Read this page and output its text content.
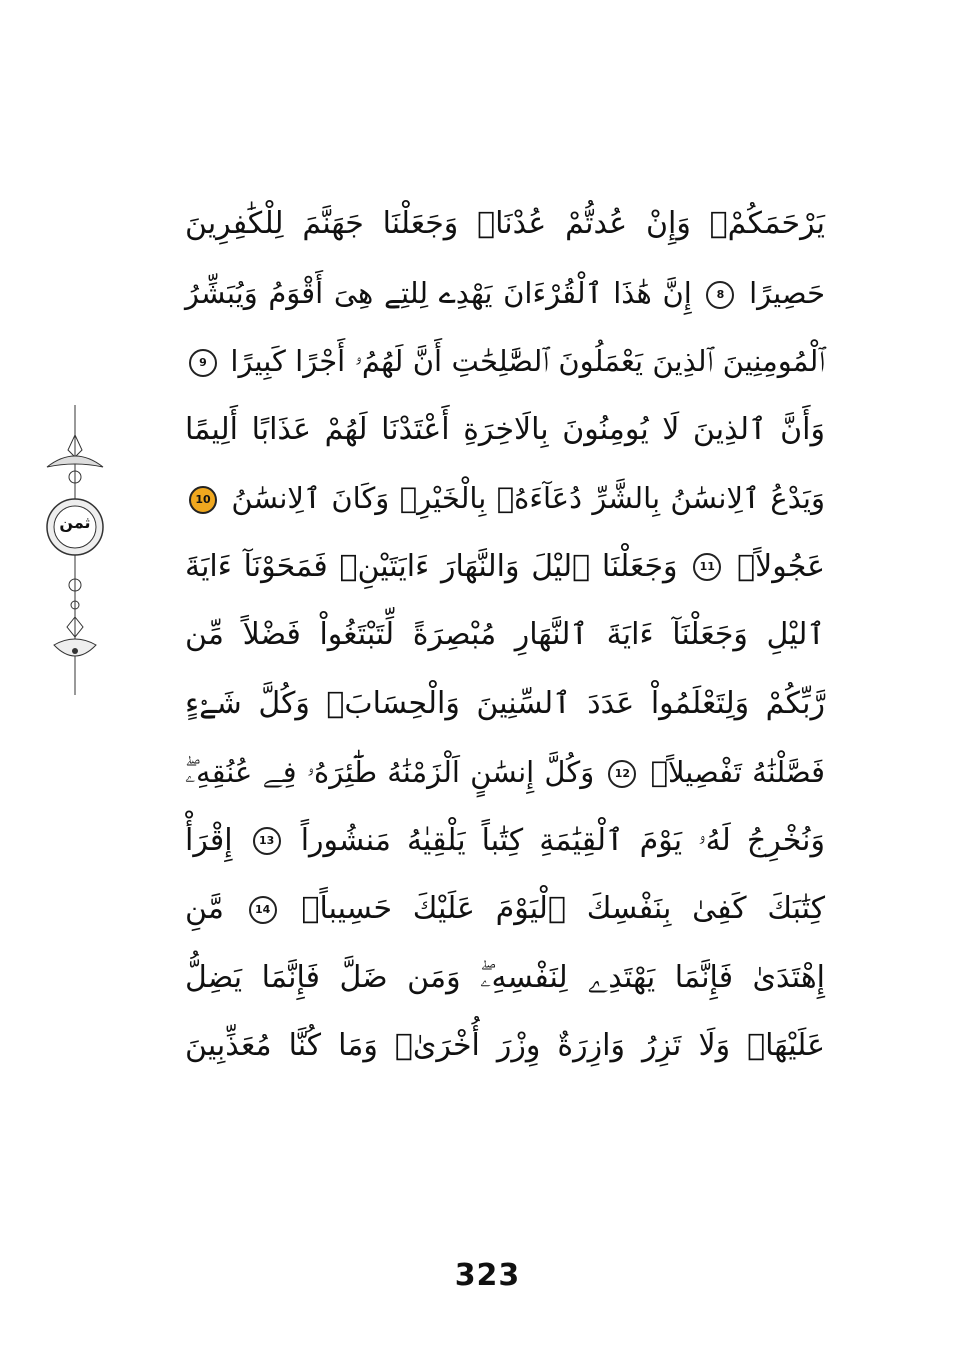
ثمن
يَرْحَمَكُمْۥ وَإِنْ عُدتُّمْ عُدْنَاۖ وَجَعَلْنَا جَهَنَّمَ لِلْكَٰفِرِينَ
حَصِيرًا 8 إِنَّ هَٰذَا ٱلْقُرْءَانَ يَهْدِے لِلتِے هِىَ أَقْوَمُ وَيُبَشِّرُ
ٱلْمُومِنِينَ ٱلذِينَ يَعْمَلُونَ ٱلصَّٰلِحَٰتِ أَنَّ لَهُمُۥ أَجْرًا كَبِيرًا 9
وَأَنَّ ٱلذِينَ لَا يُومِنُونَ بِالَاخِرَةِ أَعْتَدْنَا لَهُمْ عَذَابًا أَلِيمًا
وَيَدْعُ ٱلِانسَٰنُ بِالشَّرِّ دُعَآءَهُۥ بِالْخَيْرِۖ وَكَانَ ٱلِانسَٰنُ 10
عَجُولاًۖ 11 وَجَعَلْنَا ٱليْلَ وَالنَّهَارَ ءَايَتَيْنِۖ فَمَحَوْنَآ ءَايَةَ
ٱليْلِ وَجَعَلْنَآ ءَايَةَ ٱلنَّهَارِ مُبْصِرَةً لِّتَبْتَغُواْ فَضْلاً مِّن
رَّبِّكُمْ وَلِتَعْلَمُواْ عَدَدَ ٱلسِّنِينَ وَالْحِسَابَۖ وَكُلَّ شَےْءٍ
فَصَّلْنَٰهُ تَفْصِيلاًۖ 12 وَكُلَّ إِنسَٰنٍ اَلْزَمْنَٰهُ طَٰٓئِرَهُۥ فِے عُنُقِهِۦۖ
وَنُخْرِجُ لَهُۥ يَوْمَ ٱلْقِيَٰمَةِ كِتَٰباً يَلْقِيٰهُ مَنشُوراً 13 إِقْرَأْ
كِتَٰبَكَ كَفِىٰ بِنَفْسِكَ ٱلْيَوْمَ عَلَيْكَ حَسِيباًۖ 14 مَّنِ
إِهْتَدَىٰ فَإِنَّمَا يَهْتَدِے لِنَفْسِهِۦۖ وَمَن ضَلَّ فَإِنَّمَا يَضِلُّ
عَلَيْهَاۖ وَلَا تَزِرُ وَازِرَةٌ وِزْرَ أُخْرَىٰۖ وَمَا كُنَّا مُعَذِّبِينَ
323
